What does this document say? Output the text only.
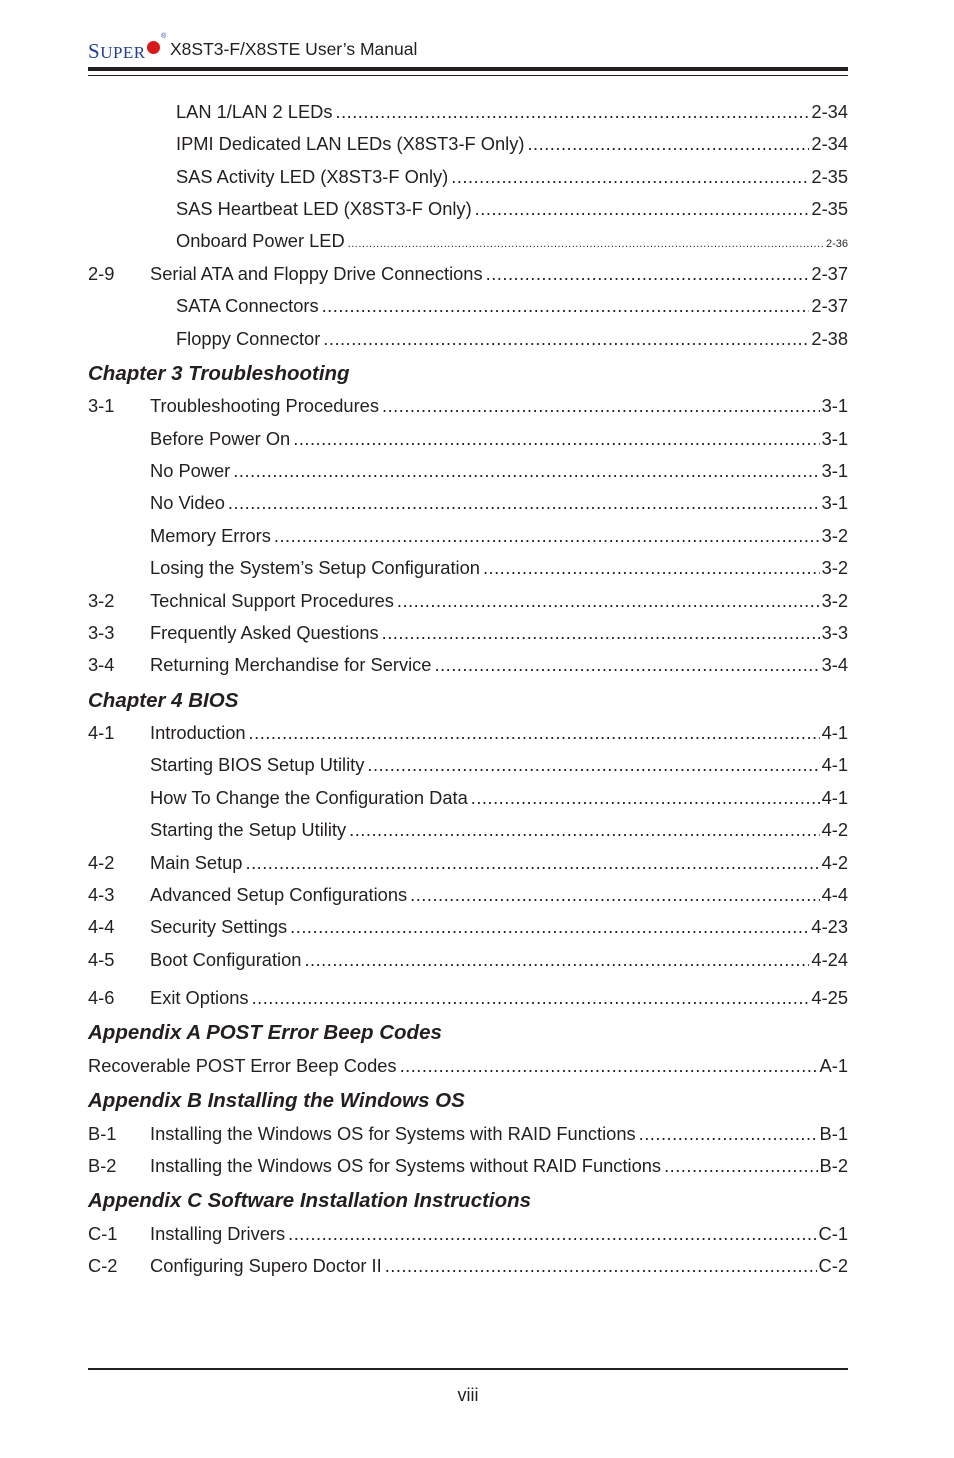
SUPER
®
X8ST3-F/X8STE User’s Manual
LAN 1/LAN 2 LEDs .....	2-34
IPMI Dedicated LAN LEDs (X8ST3-F Only) .....	2-34
SAS Activity LED (X8ST3-F Only) .....	2-35
SAS Heartbeat LED (X8ST3-F Only) .....	2-35
Onboard Power LED .....	2-36
2-9 Serial ATA and Floppy Drive Connections .....	2-37
SATA Connectors .....	2-37
Floppy Connector .....	2-38
Chapter 3 Troubleshooting
3-1 Troubleshooting Procedures .....	3-1
Before Power On .....	3-1
No Power .....	3-1
No Video .....	3-1
Memory Errors .....	3-2
Losing the System’s Setup Configuration .....	3-2
3-2 Technical Support Procedures .....	3-2
3-3 Frequently Asked Questions .....	3-3
3-4 Returning Merchandise for Service .....	3-4
Chapter 4 BIOS
4-1 Introduction .....	4-1
Starting BIOS Setup Utility .....	4-1
How To Change the Configuration Data .....	4-1
Starting the Setup Utility .....	4-2
4-2 Main Setup .....	4-2
4-3 Advanced Setup Configurations .....	4-4
4-4 Security Settings .....	4-23
4-5 Boot Configuration .....	4-24
4-6 Exit Options .....	4-25
Appendix A POST Error Beep Codes
Recoverable POST Error Beep Codes .....	A-1
Appendix B Installing the Windows OS
B-1 Installing the Windows OS for Systems with RAID Functions .....	B-1
B-2 Installing the Windows OS for Systems without RAID Functions .....	B-2
Appendix C Software Installation Instructions
C-1 Installing Drivers .....	C-1
C-2 Configuring Supero Doctor II .....	C-2
viii
